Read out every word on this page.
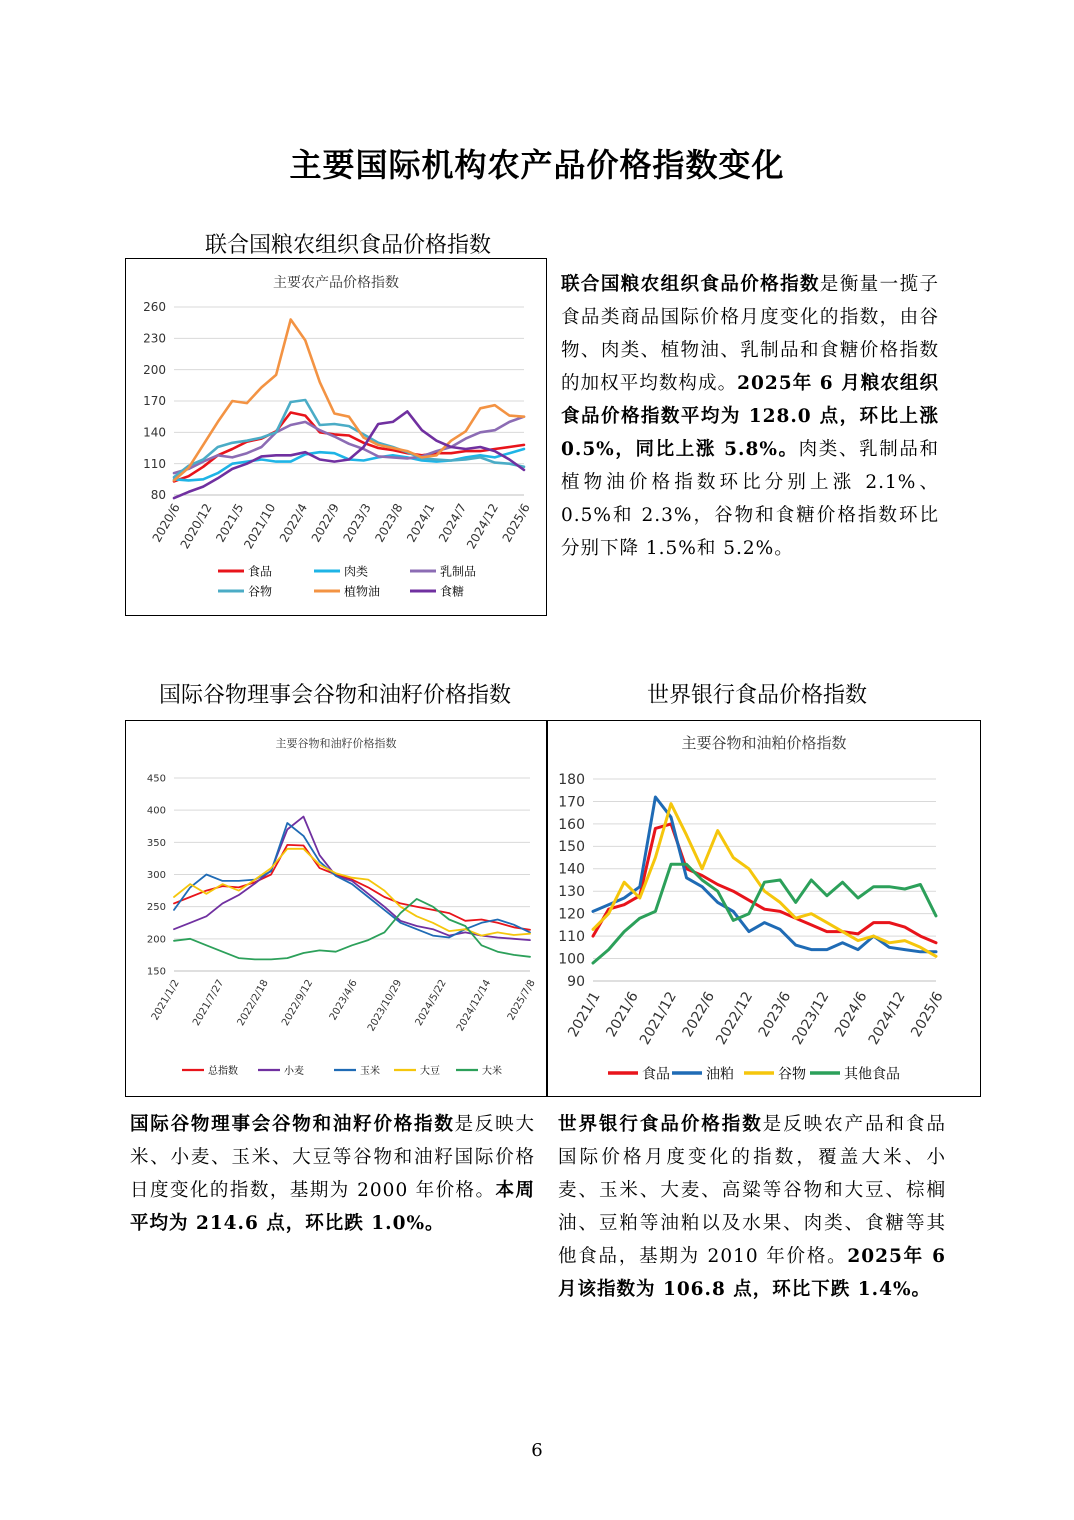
主要国际机构农产品价格指数变化
联合国粮农组织食品价格指数
主要农产品价格指数
80
110
140
170
200
230
260
2020/6
2020/12
2021/5
2021/10
2022/4
2022/9
2023/3
2023/8
2024/1
2024/7
2024/12
2025/6
食品	肉类	乳制品
谷物	植物油	食糖
联合国粮农组织食品价格指数是衡量一揽子食品类商品国际价格月度变化的指数，由谷物、肉类、植物油、乳制品和食糖价格指数的加权平均数构成。2025年 6 月粮农组织食品价格指数平均为 128.0 点，环比上涨 0.5%，同比上涨 5.8%。肉类、乳制品和植物油价格指数环比分别上涨 2.1%、0.5%和 2.3%，谷物和食糖价格指数环比分别下降 1.5%和 5.2%。
国际谷物理事会谷物和油籽价格指数
主要谷物和油籽价格指数
150
200
250
300
350
400
450
2021/1/2 2021/7/27 2022/2/18 2022/9/12 2023/4/6 2023/10/29 2024/5/22 2024/12/14 2025/7/8
总指数	小麦	玉米	大豆	大米
国际谷物理事会谷物和油籽价格指数是反映大米、小麦、玉米、大豆等谷物和油籽国际价格日度变化的指数，基期为 2000 年价格。本周平均为 214.6 点，环比跌 1.0%。
世界银行食品价格指数
主要谷物和油粕价格指数
90
100
110
120
130
140
150
160
170
180
2021/1 2021/6
2021/12 2022/6
2022/12 2023/6
2023/12 2024/6
2024/12 2025/6
食品	油粕	谷物	其他食品
世界银行食品价格指数是反映农产品和食品国际价格月度变化的指数，覆盖大米、小麦、玉米、大麦、高粱等谷物和大豆、棕榈油、豆粕等油粕以及水果、肉类、食糖等其他食品，基期为 2010 年价格。2025年 6 月该指数为 106.8 点，环比下跌 1.4%。
6
